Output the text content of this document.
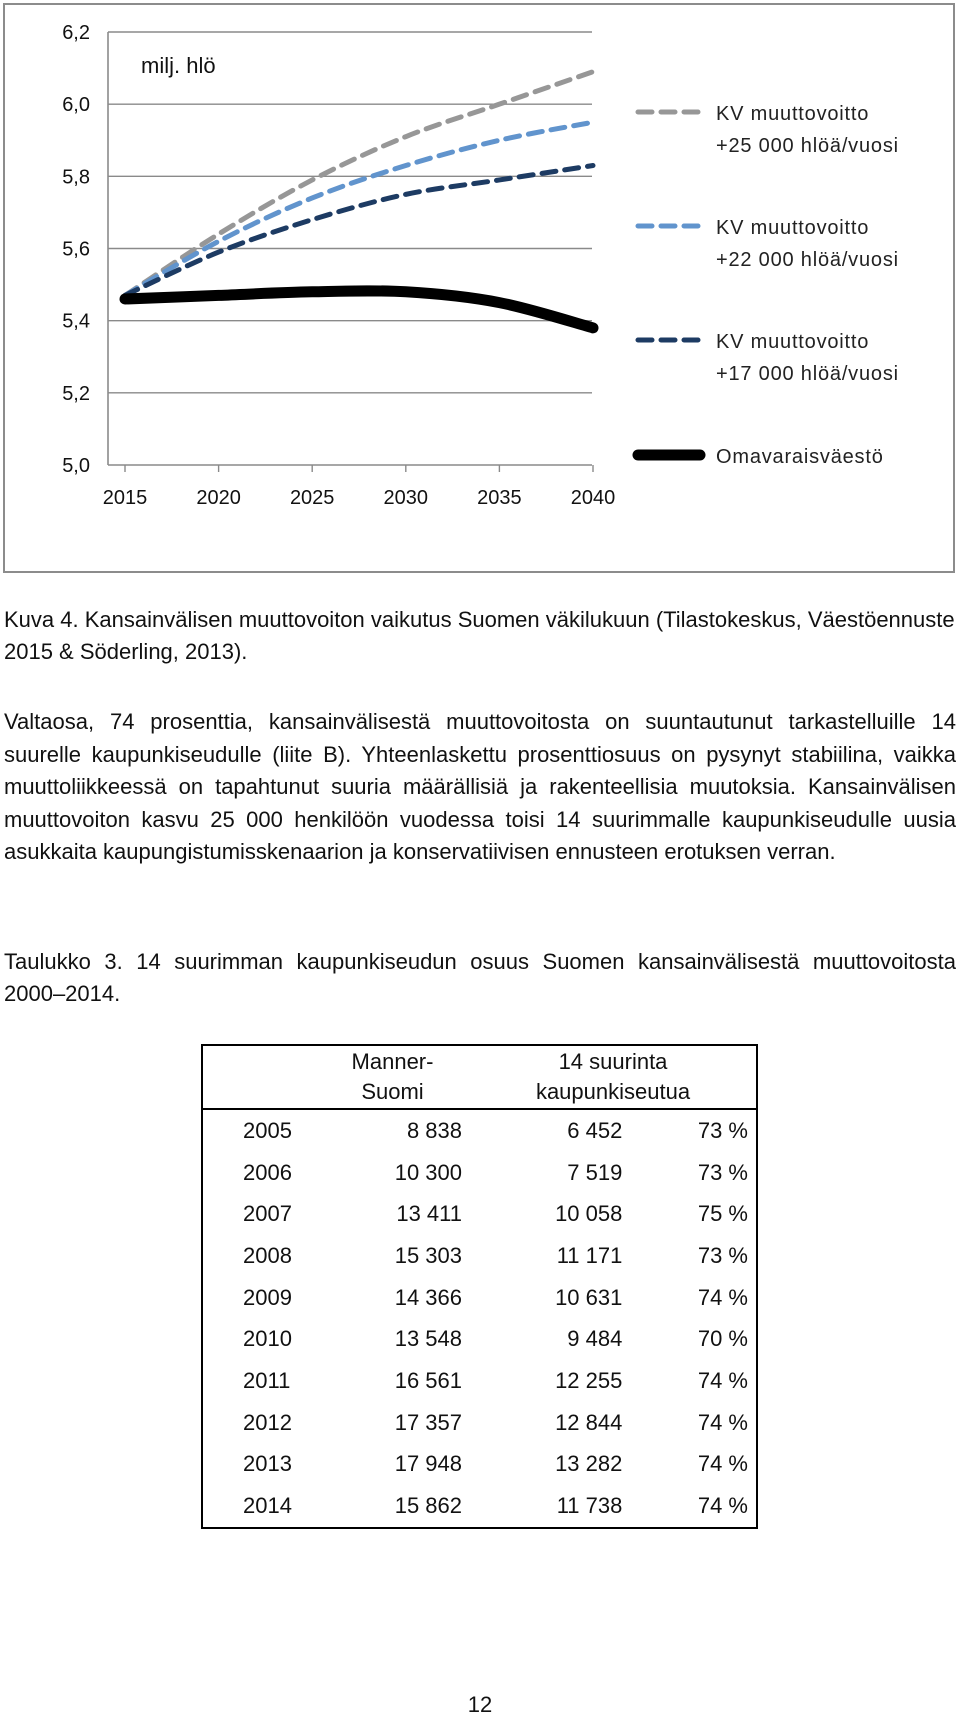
6,2
6,0
5,8
5,6
5,4
5,2
5,0
2015 2020 2025 2030 2035 2040
milj. hlö
KV muuttovoitto
+25 000 hlöä/vuosi
KV muuttovoitto
+22 000 hlöä/vuosi
KV muuttovoitto
+17 000 hlöä/vuosi
Omavaraisväestö

Kuva 4. Kansainvälisen muuttovoiton vaikutus Suomen väkilukuun (Tilastokeskus, Väestöennuste 2015 & Söderling, 2013).

Valtaosa, 74 prosenttia, kansainvälisestä muuttovoitosta on suuntautunut tarkastelluille 14 suurelle kaupunkiseudulle (liite B). Yhteenlaskettu prosenttiosuus on pysynyt stabiilina, vaikka muuttoliikkeessä on tapahtunut suuria määrällisiä ja rakenteellisia muutoksia. Kansainvälisen muuttovoiton kasvu 25 000 henkilöön vuodessa toisi 14 suurimmalle kaupunkiseudulle uusia asukkaita kaupungistumisskenaarion ja konservatiivisen ennusteen erotuksen verran.

Taulukko 3. 14 suurimman kaupunkiseudun osuus Suomen kansainvälisestä muuttovoitosta 2000–2014.

	Manner-
Suomi	14 suurinta
kaupunkiseutua	
2005	8 838	6 452	73 %
2006	10 300	7 519	73 %
2007	13 411	10 058	75 %
2008	15 303	11 171	73 %
2009	14 366	10 631	74 %
2010	13 548	9 484	70 %
2011	16 561	12 255	74 %
2012	17 357	12 844	74 %
2013	17 948	13 282	74 %
2014	15 862	11 738	74 %

12
